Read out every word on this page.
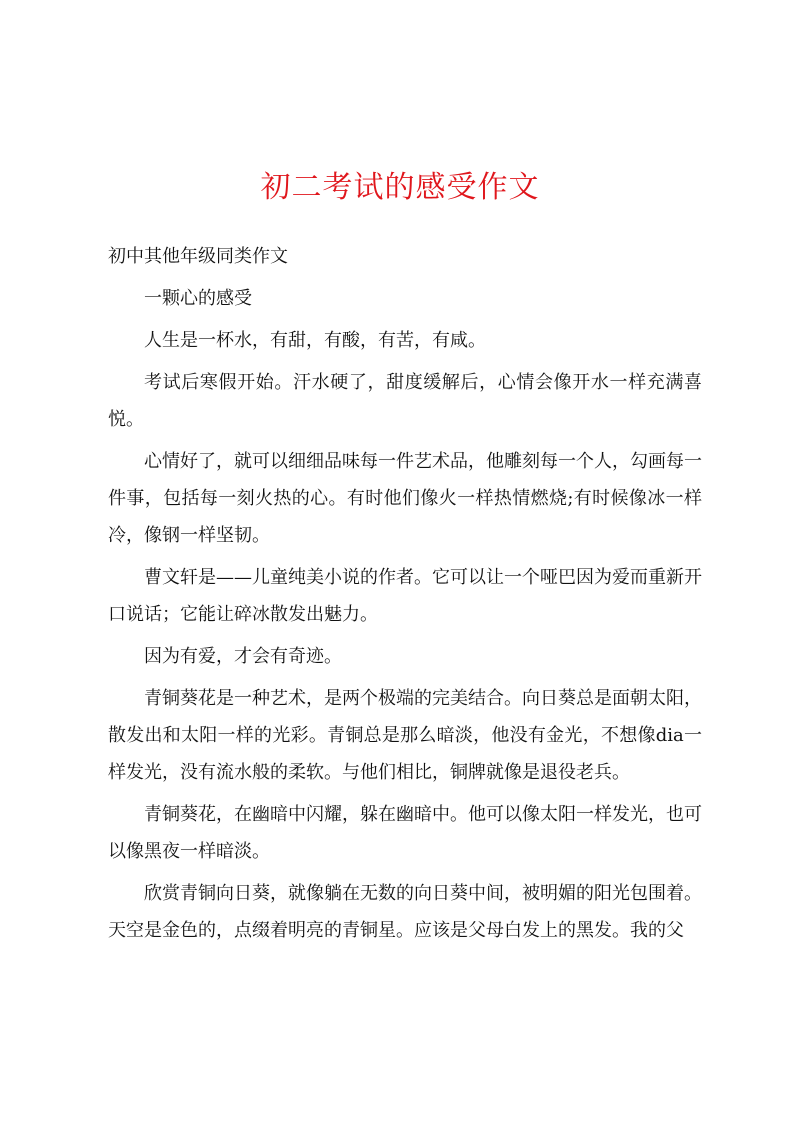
初二考试的感受作文

初中其他年级同类作文

一颗心的感受

人生是一杯水，有甜，有酸，有苦，有咸。

考试后寒假开始。汗水硬了，甜度缓解后，心情会像开水一样充满喜悦。

心情好了，就可以细细品味每一件艺术品，他雕刻每一个人，勾画每一件事，包括每一刻火热的心。有时他们像火一样热情燃烧;有时候像冰一样冷，像钢一样坚韧。

曹文轩是——儿童纯美小说的作者。它可以让一个哑巴因为爱而重新开口说话；它能让碎冰散发出魅力。

因为有爱，才会有奇迹。

青铜葵花是一种艺术，是两个极端的完美结合。向日葵总是面朝太阳，散发出和太阳一样的光彩。青铜总是那么暗淡，他没有金光，不想像dia一样发光，没有流水般的柔软。与他们相比，铜牌就像是退役老兵。

青铜葵花，在幽暗中闪耀，躲在幽暗中。他可以像太阳一样发光，也可以像黑夜一样暗淡。

欣赏青铜向日葵，就像躺在无数的向日葵中间，被明媚的阳光包围着。天空是金色的，点缀着明亮的青铜星。应该是父母白发上的黑发。我的父
